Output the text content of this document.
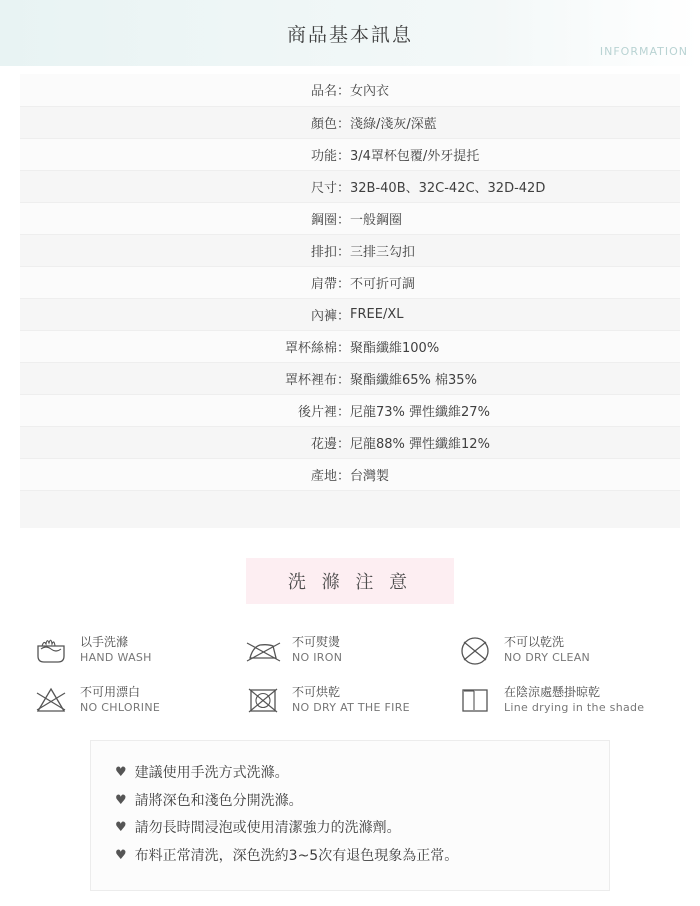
商品基本訊息
INFORMATION
品名：	女內衣
顏色：	淺綠/淺灰/深藍
功能：	3/4罩杯包覆/外牙提托
尺寸：	32B-40B、32C-42C、32D-42D
鋼圈：	一般鋼圈
排扣：	三排三勾扣
肩帶：	不可折可調
內褲：	FREE/XL
罩杯絲棉：	聚酯纖維100%
罩杯裡布：	聚酯纖維65% 棉35%
後片裡：	尼龍73% 彈性纖維27%
花邊：	尼龍88% 彈性纖維12%
產地：	台灣製

洗 滌 注 意
以手洗滌
HAND WASH
不可熨燙
NO IRON
不可以乾洗
NO DRY CLEAN
不可用漂白
NO CHLORINE
不可烘乾
NO DRY AT THE FIRE
在陰涼處懸掛晾乾
Line drying in the shade
♥ 建議使用手洗方式洗滌。
♥ 請將深色和淺色分開洗滌。
♥ 請勿長時間浸泡或使用清潔強力的洗滌劑。
♥ 布料正常清洗，深色洗約3~5次有退色現象為正常。
